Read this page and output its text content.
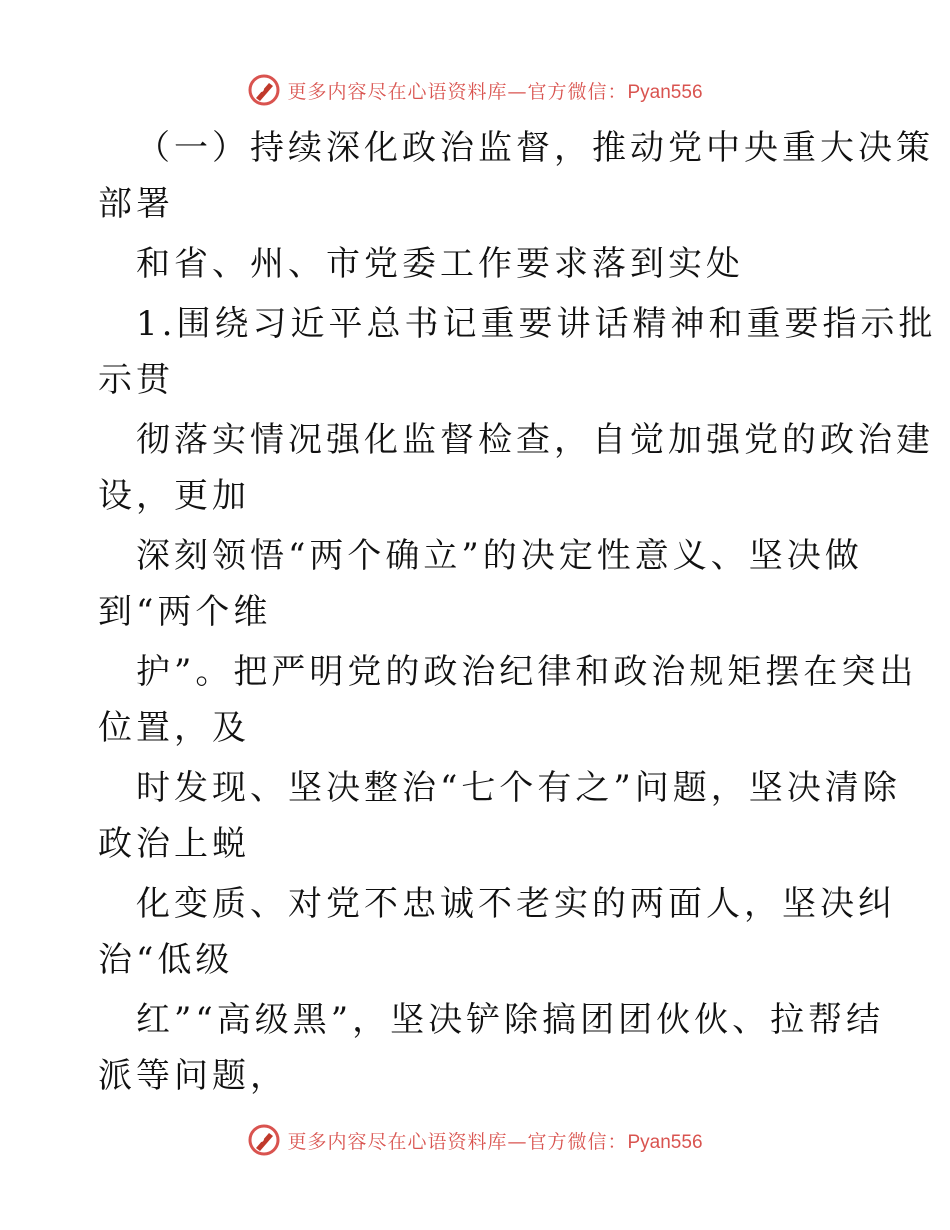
更多内容尽在心语资料库—官方微信：Pyan556
（一）持续深化政治监督，推动党中央重大决策
部署
和省、州、市党委工作要求落到实处
1.围绕习近平总书记重要讲话精神和重要指示批
示贯
彻落实情况强化监督检查，自觉加强党的政治建
设，更加
深刻领悟“两个确立”的决定性意义、坚决做
到“两个维
护”。把严明党的政治纪律和政治规矩摆在突出
位置，及
时发现、坚决整治“七个有之”问题，坚决清除
政治上蜕
化变质、对党不忠诚不老实的两面人，坚决纠
治“低级
红”“高级黑”，坚决铲除搞团团伙伙、拉帮结
派等问题，
更多内容尽在心语资料库—官方微信：Pyan556
